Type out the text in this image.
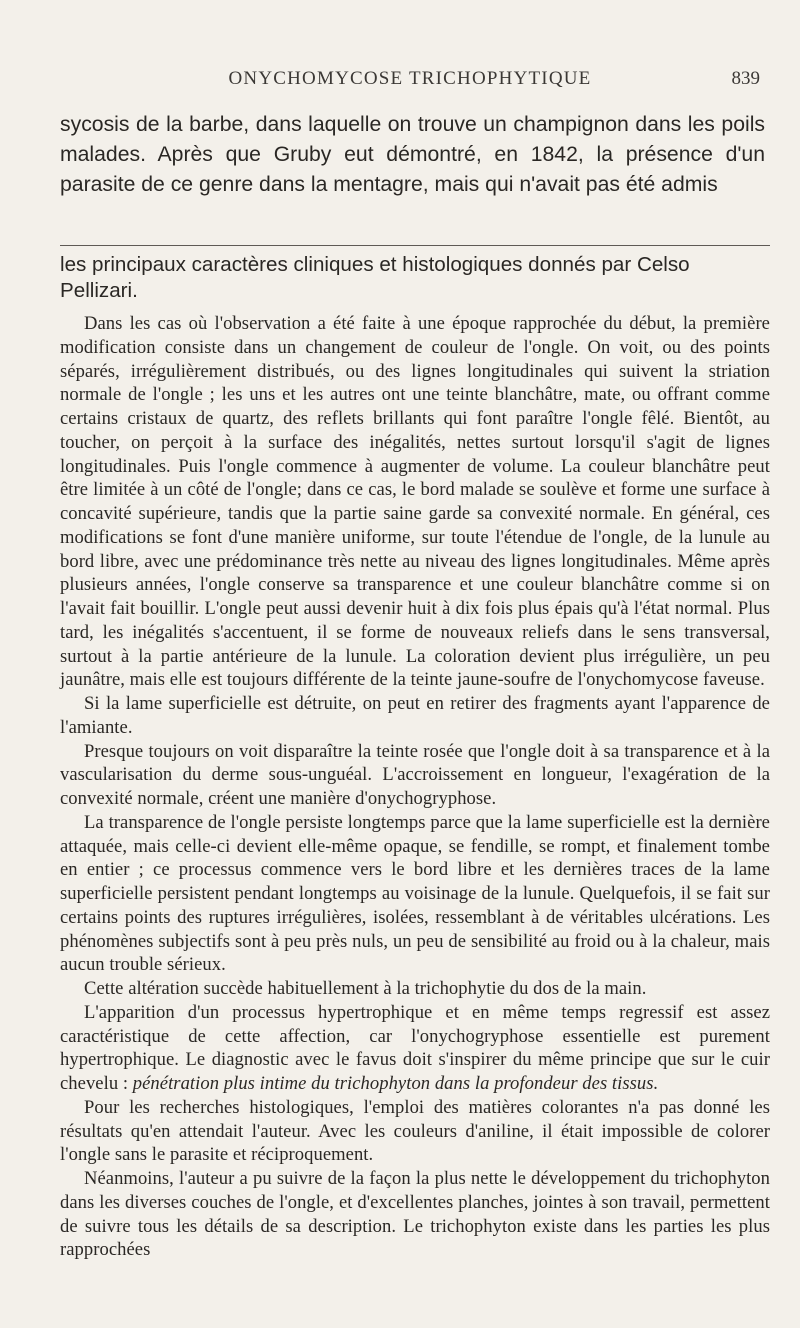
ONYCHOMYCOSE TRICHOPHYTIQUE	839

sycosis de la barbe, dans laquelle on trouve un champignon dans les poils malades. Après que Gruby eut démontré, en 1842, la présence d'un parasite de ce genre dans la mentagre, mais qui n'avait pas été admis

les principaux caractères cliniques et histologiques donnés par Celso Pellizari.

Dans les cas où l'observation a été faite à une époque rapprochée du début, la première modification consiste dans un changement de couleur de l'ongle. On voit, ou des points séparés, irrégulièrement distribués, ou des lignes longitudinales qui suivent la striation normale de l'ongle ; les uns et les autres ont une teinte blanchâtre, mate, ou offrant comme certains cristaux de quartz, des reflets brillants qui font paraître l'ongle fêlé. Bientôt, au toucher, on perçoit à la surface des inégalités, nettes surtout lorsqu'il s'agit de lignes longitudinales. Puis l'ongle commence à augmenter de volume. La couleur blanchâtre peut être limitée à un côté de l'ongle; dans ce cas, le bord malade se soulève et forme une surface à concavité supérieure, tandis que la partie saine garde sa convexité normale. En général, ces modifications se font d'une manière uniforme, sur toute l'étendue de l'ongle, de la lunule au bord libre, avec une prédominance très nette au niveau des lignes longitudinales. Même après plusieurs années, l'ongle conserve sa transparence et une couleur blanchâtre comme si on l'avait fait bouillir. L'ongle peut aussi devenir huit à dix fois plus épais qu'à l'état normal. Plus tard, les inégalités s'accentuent, il se forme de nouveaux reliefs dans le sens transversal, surtout à la partie antérieure de la lunule. La coloration devient plus irrégulière, un peu jaunâtre, mais elle est toujours différente de la teinte jaune-soufre de l'onychomycose faveuse.

Si la lame superficielle est détruite, on peut en retirer des fragments ayant l'apparence de l'amiante.

Presque toujours on voit disparaître la teinte rosée que l'ongle doit à sa transparence et à la vascularisation du derme sous-unguéal. L'accroissement en longueur, l'exagération de la convexité normale, créent une manière d'onychogryphose.

La transparence de l'ongle persiste longtemps parce que la lame superficielle est la dernière attaquée, mais celle-ci devient elle-même opaque, se fendille, se rompt, et finalement tombe en entier ; ce processus commence vers le bord libre et les dernières traces de la lame superficielle persistent pendant longtemps au voisinage de la lunule. Quelquefois, il se fait sur certains points des ruptures irrégulières, isolées, ressemblant à de véritables ulcérations. Les phénomènes subjectifs sont à peu près nuls, un peu de sensibilité au froid ou à la chaleur, mais aucun trouble sérieux.

Cette altération succède habituellement à la trichophytie du dos de la main.

L'apparition d'un processus hypertrophique et en même temps regressif est assez caractéristique de cette affection, car l'onychogryphose essentielle est purement hypertrophique. Le diagnostic avec le favus doit s'inspirer du même principe que sur le cuir chevelu : pénétration plus intime du trichophyton dans la profondeur des tissus.

Pour les recherches histologiques, l'emploi des matières colorantes n'a pas donné les résultats qu'en attendait l'auteur. Avec les couleurs d'aniline, il était impossible de colorer l'ongle sans le parasite et réciproquement.

Néanmoins, l'auteur a pu suivre de la façon la plus nette le développement du trichophyton dans les diverses couches de l'ongle, et d'excellentes planches, jointes à son travail, permettent de suivre tous les détails de sa description. Le trichophyton existe dans les parties les plus rapprochées
